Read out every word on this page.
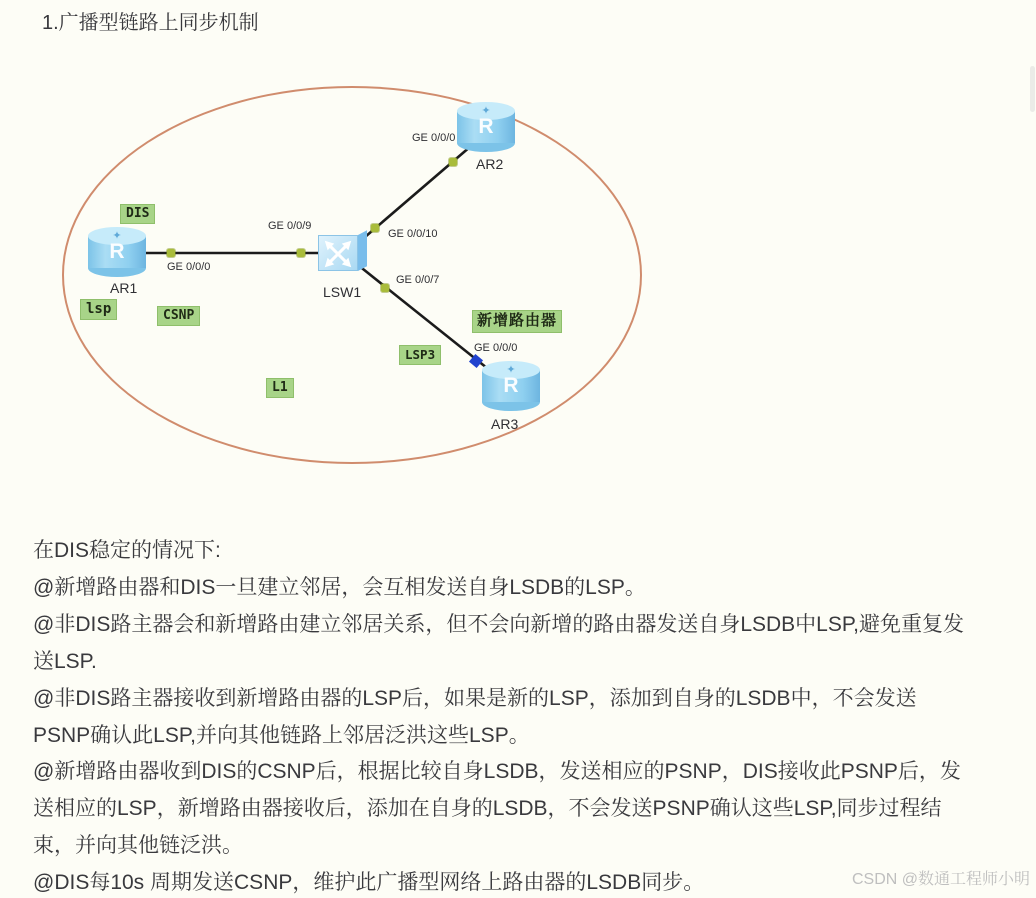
1.广播型链路上同步机制
✦
R
AR1
✦
R
AR2
✦
R
AR3
LSW1
GE 0/0/0
GE 0/0/9
GE 0/0/10
GE 0/0/7
GE 0/0/0
GE 0/0/0
DIS
lsp	CSNP
LSP3
L1
新增路由器

在DIS稳定的情况下:

@新增路由器和DIS一旦建立邻居，会互相发送自身LSDB的LSP。

@非DIS路主器会和新增路由建立邻居关系，但不会向新增的路由器发送自身LSDB中LSP,避免重复发

送LSP.

@非DIS路主器接收到新增路由器的LSP后，如果是新的LSP，添加到自身的LSDB中，不会发送

PSNP确认此LSP,并向其他链路上邻居泛洪这些LSP。

@新增路由器收到DIS的CSNP后，根据比较自身LSDB，发送相应的PSNP，DIS接收此PSNP后，发

送相应的LSP，新增路由器接收后，添加在自身的LSDB，不会发送PSNP确认这些LSP,同步过程结

束，并向其他链泛洪。

@DIS每10s 周期发送CSNP，维护此广播型网络上路由器的LSDB同步。	CSDN @数通工程师小明
